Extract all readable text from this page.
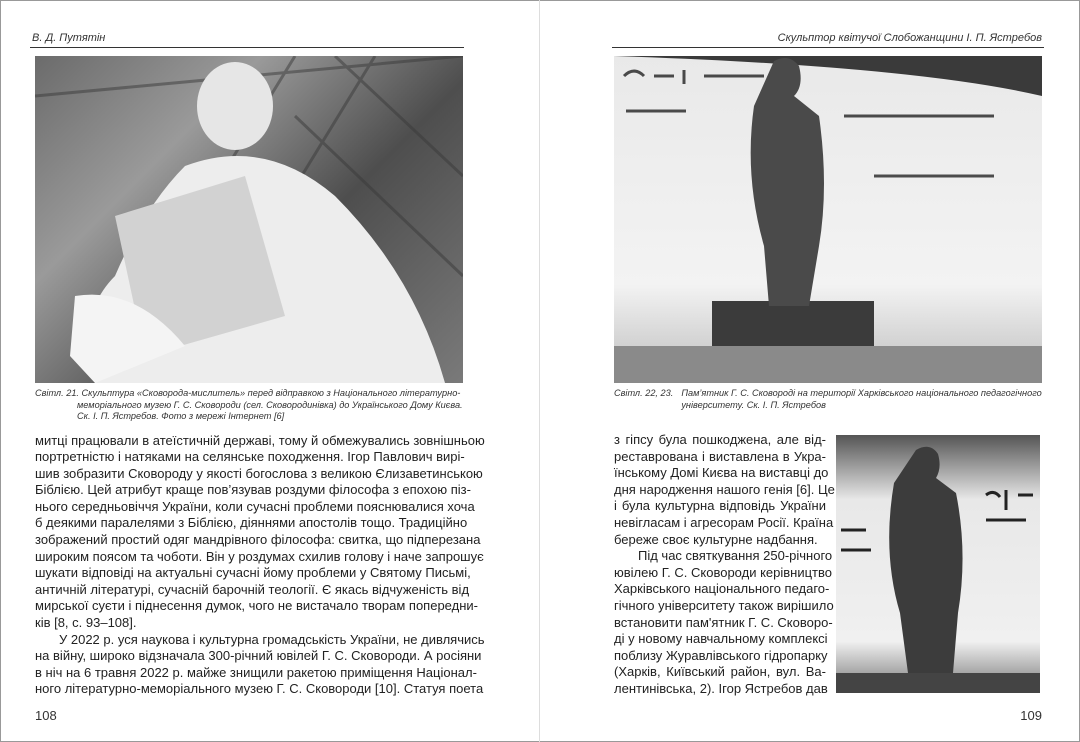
В. Д. Путятін
Світл. 21. Скульптура «Сковорода-мислитель» перед відправкою з Національного літературно-
меморіального музею Г. С. Сковороди (сел. Сковородинівка) до Українського Дому Києва.
Ск. І. П. Ястребов. Фото з мережі Інтернет [6]
митці працювали в атеїстичній державі, тому й обмежувались зовнішньою
портретністю і натяками на селянське походження. Ігор Павлович вирі-
шив зобразити Сковороду у якості богослова з великою Єлизаветинською
Біблією. Цей атрибут краще пов’язував роздуми філософа з епохою піз-
нього середньовіччя України, коли сучасні проблеми пояснювалися хоча
б деякими паралелями з Біблією, діяннями апостолів тощо. Традиційно
зображений простий одяг мандрівного філософа: свитка, що підперезана
широким поясом та чоботи. Він у роздумах схилив голову і наче запрошує
шукати відповіді на актуальні сучасні йому проблеми у Святому Письмі,
античній літературі, сучасній барочній теології. Є якась відчуженість від
мирської суєти і піднесення думок, чого не вистачало творам попередни-
ків [8, с. 93–108].
У 2022 р. уся наукова і культурна громадськість України, не дивлячись
на війну, широко відзначала 300-річний ювілей Г. С. Сковороди. А росіяни
в ніч на 6 травня 2022 р. майже знищили ракетою приміщення Націонал-
ного літературно-меморіального музею Г. С. Сковороди [10]. Статуя поета
108
Скульптор квітучої Слобожанщини І. П. Ястребов
Світл. 22, 23. Пам’ятник Г. С. Сковороді на території Харківського національного педагогічного
університету. Ск. І. П. Ястребов
з гіпсу була пошкоджена, але від-
реставрована і виставлена в Укра-
їнському Домі Києва на виставці до
дня народження нашого генія [6]. Це
і була культурна відповідь України
невігласам і агресорам Росії. Країна
береже своє культурне надбання.
Під час святкування 250-річного
ювілею Г. С. Сковороди керівництво
Харківського національного педаго-
гічного університету також вирішило
встановити пам'ятник Г. С. Сковоро-
ді у новому навчальному комплексі
поблизу Журавлівського гідропарку
(Харків, Київський район, вул. Ва-
лентинівська, 2). Ігор Ястребов дав
109
